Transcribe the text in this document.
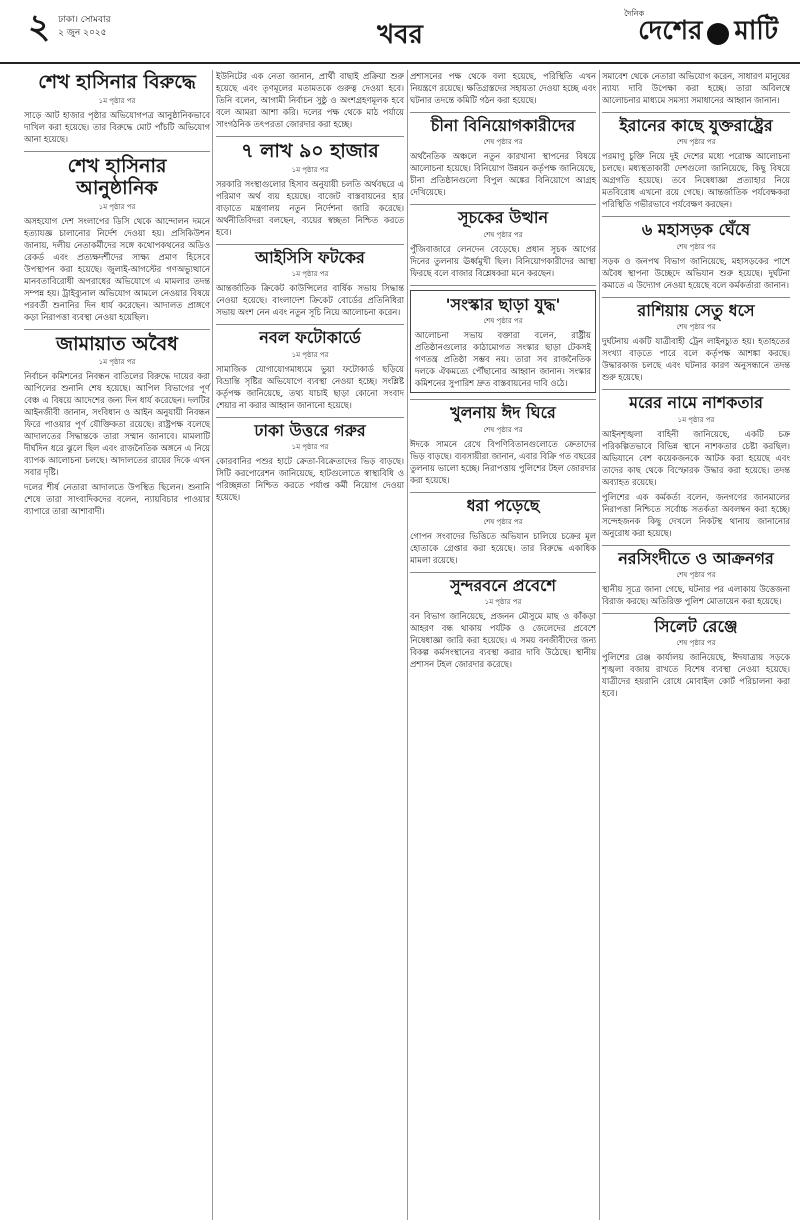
২ ঢাকা। সোমবার
২ জুন ২০২৫	খবর
দৈনিক
দেশের মাটি
শেখ হাসিনার বিরুদ্ধে
১ম পৃষ্ঠার পর
সাড়ে আট হাজার পৃষ্ঠার অভিযোগপত্র আনুষ্ঠানিকভাবে দাখিল করা হয়েছে। তার বিরুদ্ধে মোট পাঁচটি অভিযোগ আনা হয়েছে।
শেখ হাসিনার আনুষ্ঠানিক
১ম পৃষ্ঠার পর
অসহযোগ দেশ সংলাপের ডিসি থেকে আন্দোলন দমনে হত্যাযজ্ঞ চালানোর নির্দেশ দেওয়া হয়। প্রসিকিউশন জানায়, দলীয় নেতাকর্মীদের সঙ্গে কথোপকথনের অডিও রেকর্ড এবং প্রত্যক্ষদর্শীদের সাক্ষ্য প্রমাণ হিসেবে উপস্থাপন করা হয়েছে। জুলাই-আগস্টের গণঅভ্যুত্থানে মানবতাবিরোধী অপরাধের অভিযোগে এ মামলার তদন্ত সম্পন্ন হয়। ট্রাইব্যুনাল অভিযোগ আমলে নেওয়ার বিষয়ে পরবর্তী শুনানির দিন ধার্য করেছেন। আদালত প্রাঙ্গণে কড়া নিরাপত্তা ব্যবস্থা নেওয়া হয়েছিল।
জামায়াত অবৈধ
১ম পৃষ্ঠার পর
নির্বাচন কমিশনের নিবন্ধন বাতিলের বিরুদ্ধে দায়ের করা আপিলের শুনানি শেষ হয়েছে। আপিল বিভাগের পূর্ণ বেঞ্চ এ বিষয়ে আদেশের জন্য দিন ধার্য করেছেন। দলটির আইনজীবী জানান, সংবিধান ও আইন অনুযায়ী নিবন্ধন ফিরে পাওয়ার পূর্ণ যৌক্তিকতা রয়েছে। রাষ্ট্রপক্ষ বলেছে আদালতের সিদ্ধান্তকে তারা সম্মান জানাবে। মামলাটি দীর্ঘদিন ধরে ঝুলে ছিল এবং রাজনৈতিক অঙ্গনে এ নিয়ে ব্যাপক আলোচনা চলছে। আদালতের রায়ের দিকে এখন সবার দৃষ্টি।
দলের শীর্ষ নেতারা আদালতে উপস্থিত ছিলেন। শুনানি শেষে তারা সাংবাদিকদের বলেন, ন্যায়বিচার পাওয়ার ব্যাপারে তারা আশাবাদী।
ইউনিটের এক নেতা জানান, প্রার্থী বাছাই প্রক্রিয়া শুরু হয়েছে এবং তৃণমূলের মতামতকে গুরুত্ব দেওয়া হবে। তিনি বলেন, আগামী নির্বাচন সুষ্ঠু ও অংশগ্রহণমূলক হবে বলে আমরা আশা করি। দলের পক্ষ থেকে মাঠ পর্যায়ে সাংগঠনিক তৎপরতা জোরদার করা হচ্ছে।
৭ লাখ ৯০ হাজার
১ম পৃষ্ঠার পর
সরকারি সংস্থাগুলোর হিসাব অনুযায়ী চলতি অর্থবছরে এ পরিমাণ অর্থ ব্যয় হয়েছে। বাজেট বাস্তবায়নের হার বাড়াতে মন্ত্রণালয় নতুন নির্দেশনা জারি করেছে। অর্থনীতিবিদরা বলছেন, ব্যয়ের স্বচ্ছতা নিশ্চিত করতে হবে।
আইসিসি ফটকের
১ম পৃষ্ঠার পর
আন্তর্জাতিক ক্রিকেট কাউন্সিলের বার্ষিক সভায় সিদ্ধান্ত নেওয়া হয়েছে। বাংলাদেশ ক্রিকেট বোর্ডের প্রতিনিধিরা সভায় অংশ নেন এবং নতুন সূচি নিয়ে আলোচনা করেন।
নবল ফটোকার্ডে
১ম পৃষ্ঠার পর
সামাজিক যোগাযোগমাধ্যমে ভুয়া ফটোকার্ড ছড়িয়ে বিভ্রান্তি সৃষ্টির অভিযোগে ব্যবস্থা নেওয়া হচ্ছে। সংশ্লিষ্ট কর্তৃপক্ষ জানিয়েছে, তথ্য যাচাই ছাড়া কোনো সংবাদ শেয়ার না করার আহ্বান জানানো হয়েছে।
ঢাকা উত্তরে গরুর
১ম পৃষ্ঠার পর
কোরবানির পশুর হাটে ক্রেতা-বিক্রেতাদের ভিড় বাড়ছে। সিটি করপোরেশন জানিয়েছে, হাটগুলোতে স্বাস্থ্যবিধি ও পরিচ্ছন্নতা নিশ্চিত করতে পর্যাপ্ত কর্মী নিয়োগ দেওয়া হয়েছে।
প্রশাসনের পক্ষ থেকে বলা হয়েছে, পরিস্থিতি এখন নিয়ন্ত্রণে রয়েছে। ক্ষতিগ্রস্তদের সহায়তা দেওয়া হচ্ছে এবং ঘটনার তদন্তে কমিটি গঠন করা হয়েছে।
চীনা বিনিয়োগকারীদের
শেষ পৃষ্ঠার পর
অর্থনৈতিক অঞ্চলে নতুন কারখানা স্থাপনের বিষয়ে আলোচনা হয়েছে। বিনিয়োগ উন্নয়ন কর্তৃপক্ষ জানিয়েছে, চীনা প্রতিষ্ঠানগুলো বিপুল অঙ্কের বিনিয়োগে আগ্রহ দেখিয়েছে।
সূচকের উত্থান
শেষ পৃষ্ঠার পর
পুঁজিবাজারে লেনদেন বেড়েছে। প্রধান সূচক আগের দিনের তুলনায় ঊর্ধ্বমুখী ছিল। বিনিয়োগকারীদের আস্থা ফিরছে বলে বাজার বিশ্লেষকরা মনে করছেন।
'সংস্কার ছাড়া যুদ্ধ'
শেষ পৃষ্ঠার পর
আলোচনা সভায় বক্তারা বলেন, রাষ্ট্রীয় প্রতিষ্ঠানগুলোর কাঠামোগত সংস্কার ছাড়া টেকসই গণতন্ত্র প্রতিষ্ঠা সম্ভব নয়। তারা সব রাজনৈতিক দলকে ঐকমত্যে পৌঁছানোর আহ্বান জানান। সংস্কার কমিশনের সুপারিশ দ্রুত বাস্তবায়নের দাবি ওঠে।
খুলনায় ঈদ ঘিরে
শেষ পৃষ্ঠার পর
ঈদকে সামনে রেখে বিপণিবিতানগুলোতে ক্রেতাদের ভিড় বাড়ছে। ব্যবসায়ীরা জানান, এবার বিক্রি গত বছরের তুলনায় ভালো হচ্ছে। নিরাপত্তায় পুলিশের টহল জোরদার করা হয়েছে।
ধরা পড়েছে
শেষ পৃষ্ঠার পর
গোপন সংবাদের ভিত্তিতে অভিযান চালিয়ে চক্রের মূল হোতাকে গ্রেপ্তার করা হয়েছে। তার বিরুদ্ধে একাধিক মামলা রয়েছে।
সুন্দরবনে প্রবেশে
১ম পৃষ্ঠার পর
বন বিভাগ জানিয়েছে, প্রজনন মৌসুমে মাছ ও কাঁকড়া আহরণ বন্ধ থাকায় পর্যটক ও জেলেদের প্রবেশে নিষেধাজ্ঞা জারি করা হয়েছে। এ সময় বনজীবীদের জন্য বিকল্প কর্মসংস্থানের ব্যবস্থা করার দাবি উঠেছে। স্থানীয় প্রশাসন টহল জোরদার করেছে।
সমাবেশ থেকে নেতারা অভিযোগ করেন, সাধারণ মানুষের ন্যায্য দাবি উপেক্ষা করা হচ্ছে। তারা অবিলম্বে আলোচনার মাধ্যমে সমস্যা সমাধানের আহ্বান জানান।
ইরানের কাছে যুক্তরাষ্ট্রের
শেষ পৃষ্ঠার পর
পরমাণু চুক্তি নিয়ে দুই দেশের মধ্যে পরোক্ষ আলোচনা চলছে। মধ্যস্থতাকারী দেশগুলো জানিয়েছে, কিছু বিষয়ে অগ্রগতি হয়েছে। তবে নিষেধাজ্ঞা প্রত্যাহার নিয়ে মতবিরোধ এখনো রয়ে গেছে। আন্তর্জাতিক পর্যবেক্ষকরা পরিস্থিতি গভীরভাবে পর্যবেক্ষণ করছেন।
৬ মহাসড়ক ঘেঁষে
শেষ পৃষ্ঠার পর
সড়ক ও জনপথ বিভাগ জানিয়েছে, মহাসড়কের পাশে অবৈধ স্থাপনা উচ্ছেদে অভিযান শুরু হয়েছে। দুর্ঘটনা কমাতে এ উদ্যোগ নেওয়া হয়েছে বলে কর্মকর্তারা জানান।
রাশিয়ায় সেতু ধসে
শেষ পৃষ্ঠার পর
দুর্ঘটনায় একটি যাত্রীবাহী ট্রেন লাইনচ্যুত হয়। হতাহতের সংখ্যা বাড়তে পারে বলে কর্তৃপক্ষ আশঙ্কা করছে। উদ্ধারকাজ চলছে এবং ঘটনার কারণ অনুসন্ধানে তদন্ত শুরু হয়েছে।
মরের নামে নাশকতার
১ম পৃষ্ঠার পর
আইনশৃঙ্খলা বাহিনী জানিয়েছে, একটি চক্র পরিকল্পিতভাবে বিভিন্ন স্থানে নাশকতার চেষ্টা করছিল। অভিযানে বেশ কয়েকজনকে আটক করা হয়েছে এবং তাদের কাছ থেকে বিস্ফোরক উদ্ধার করা হয়েছে। তদন্ত অব্যাহত রয়েছে।
পুলিশের এক কর্মকর্তা বলেন, জনগণের জানমালের নিরাপত্তা নিশ্চিতে সর্বোচ্চ সতর্কতা অবলম্বন করা হচ্ছে। সন্দেহজনক কিছু দেখলে নিকটস্থ থানায় জানানোর অনুরোধ করা হয়েছে।
নরসিংদীতে ও আক্রনগর
শেষ পৃষ্ঠার পর
স্থানীয় সূত্রে জানা গেছে, ঘটনার পর এলাকায় উত্তেজনা বিরাজ করছে। অতিরিক্ত পুলিশ মোতায়েন করা হয়েছে।
সিলেট রেঞ্জে
শেষ পৃষ্ঠার পর
পুলিশের রেঞ্জ কার্যালয় জানিয়েছে, ঈদযাত্রায় সড়কে শৃঙ্খলা বজায় রাখতে বিশেষ ব্যবস্থা নেওয়া হয়েছে। যাত্রীদের হয়রানি রোধে মোবাইল কোর্ট পরিচালনা করা হবে।
